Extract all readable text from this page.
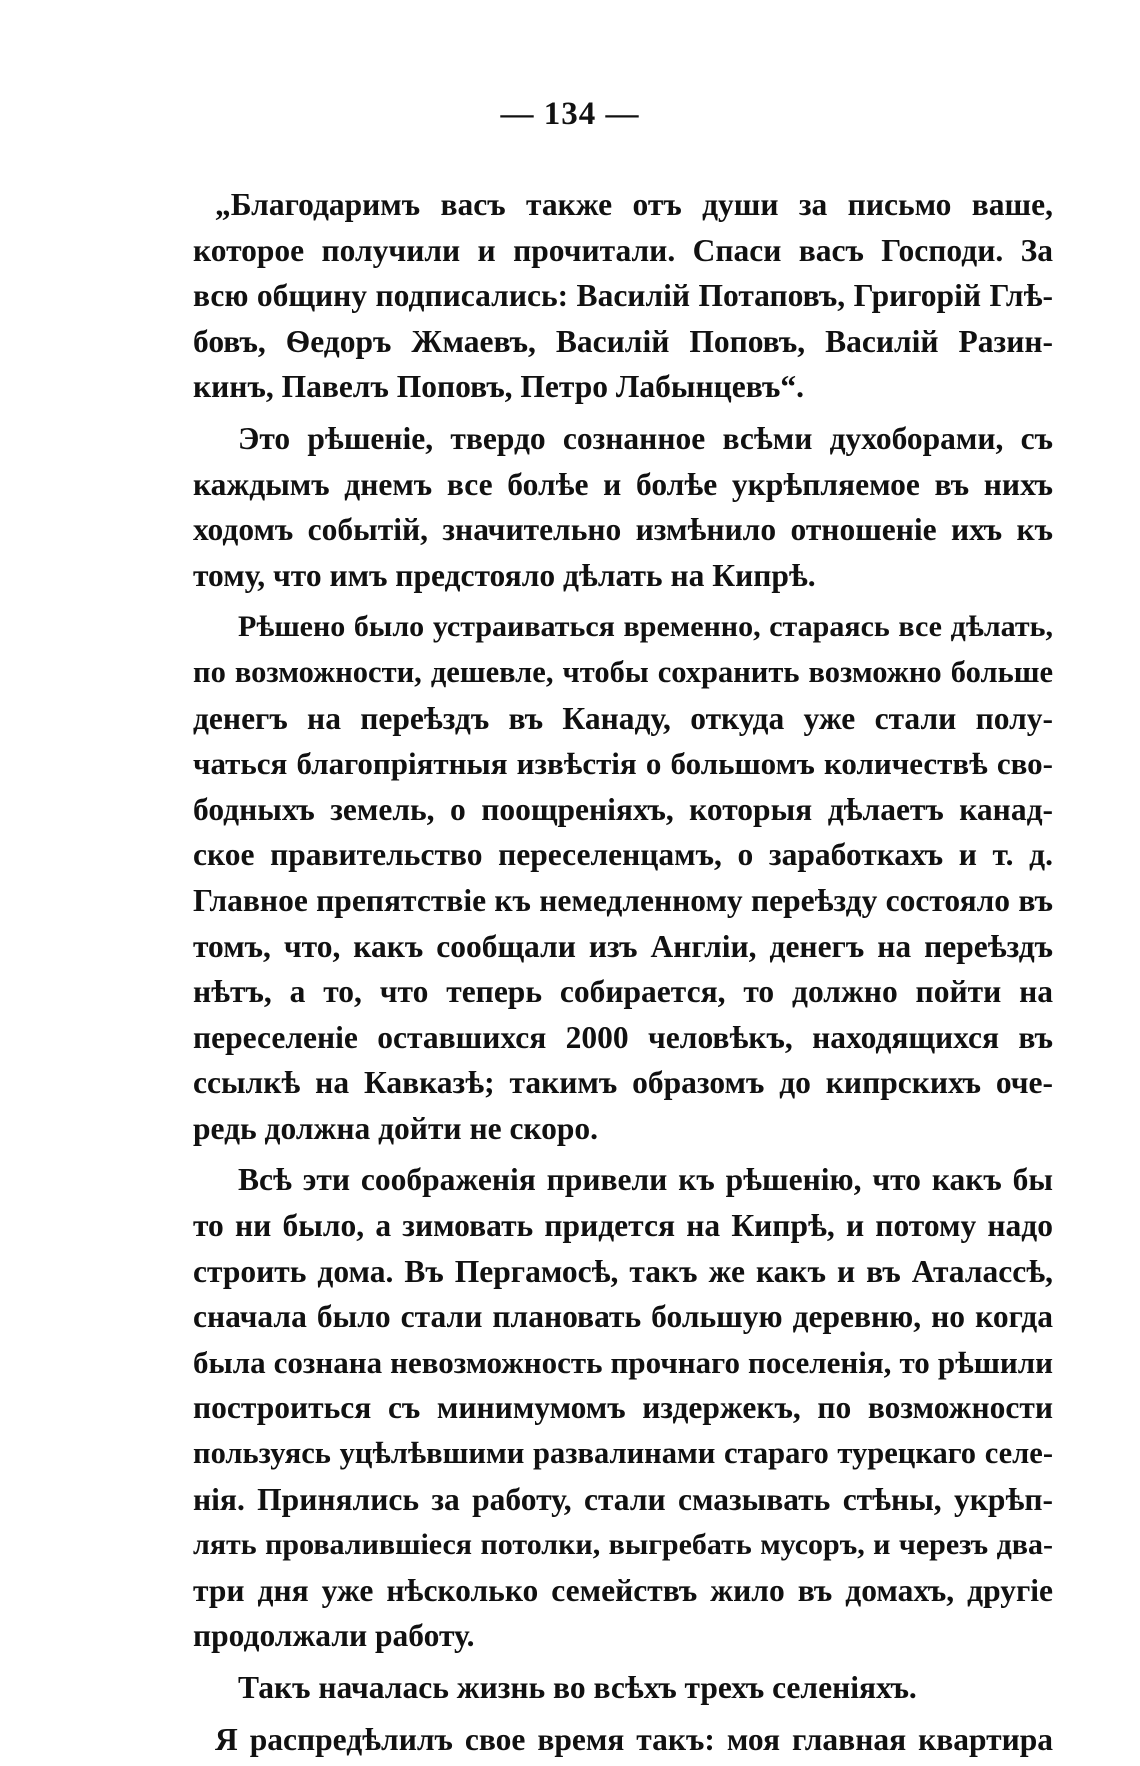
— 134 —
„Благодаримъ васъ также отъ души за письмо ваше,
которое получили и прочитали. Спаси васъ Господи. За
всю общину подписались: Василій Потаповъ, Григорій Глѣ-
бовъ, Ѳедоръ Жмаевъ, Василій Поповъ, Василій Разин-
кинъ, Павелъ Поповъ, Петро Лабынцевъ“.
Это рѣшеніе, твердо сознанное всѣми духоборами, съ
каждымъ днемъ все болѣе и болѣе укрѣпляемое въ нихъ
ходомъ событій, значительно измѣнило отношеніе ихъ къ
тому, что имъ предстояло дѣлать на Кипрѣ.
Рѣшено было устраиваться временно, стараясь все дѣлать,
по возможности, дешевле, чтобы сохранить возможно больше
денегъ на переѣздъ въ Канаду, откуда уже стали полу-
чаться благопріятныя извѣстія о большомъ количествѣ сво-
бодныхъ земель, о поощреніяхъ, которыя дѣлаетъ канад-
ское правительство переселенцамъ, о заработкахъ и т. д.
Главное препятствіе къ немедленному переѣзду состояло въ
томъ, что, какъ сообщали изъ Англіи, денегъ на переѣздъ
нѣтъ, а то, что теперь собирается, то должно пойти на
переселеніе оставшихся 2000 человѣкъ, находящихся въ
ссылкѣ на Кавказѣ; такимъ образомъ до кипрскихъ оче-
редь должна дойти не скоро.
Всѣ эти соображенія привели къ рѣшенію, что какъ бы
то ни было, а зимовать придется на Кипрѣ, и потому надо
строить дома. Въ Пергамосѣ, такъ же какъ и въ Аталассѣ,
сначала было стали плановать большую деревню, но когда
была сознана невозможность прочнаго поселенія, то рѣшили
построиться съ минимумомъ издержекъ, по возможности
пользуясь уцѣлѣвшими развалинами стараго турецкаго селе-
нія. Принялись за работу, стали смазывать стѣны, укрѣп-
лять провалившіеся потолки, выгребать мусоръ, и черезъ два-
три дня уже нѣсколько семействъ жило въ домахъ, другіе
продолжали работу.
Такъ началась жизнь во всѣхъ трехъ селеніяхъ.
Я распредѣлилъ свое время такъ: моя главная квартира
